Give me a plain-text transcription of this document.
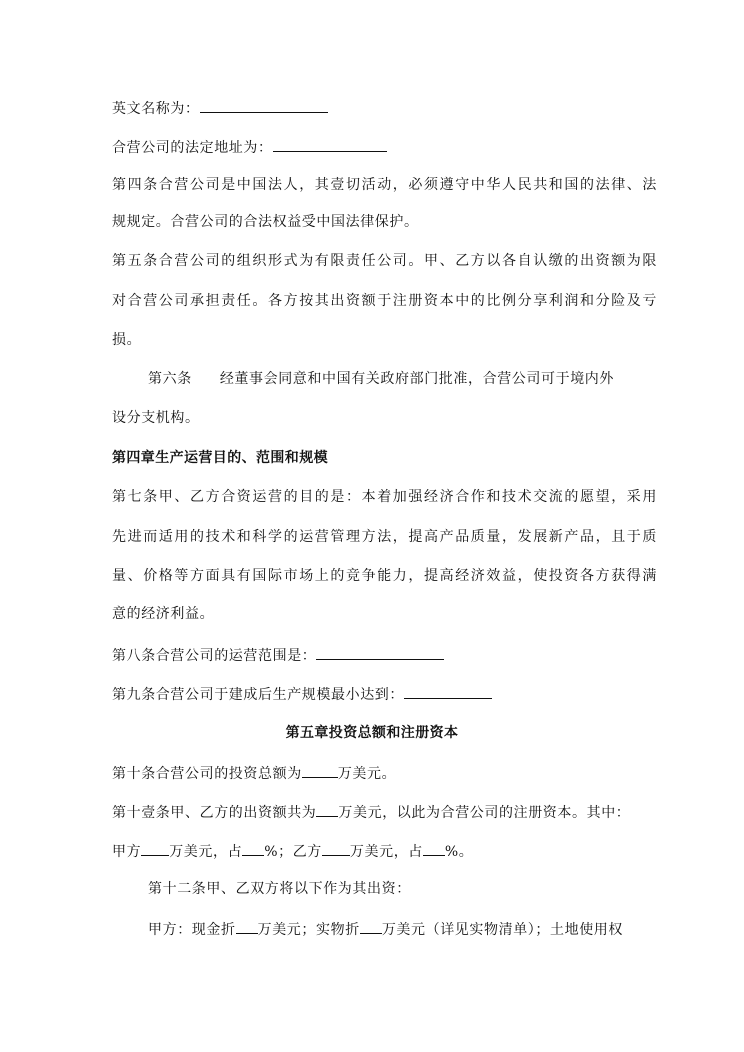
英文名称为：
合营公司的法定地址为：
第四条合营公司是中国法人，其壹切活动，必须遵守中华人民共和国的法律、法
规规定。合营公司的合法权益受中国法律保护。
第五条合营公司的组织形式为有限责任公司。甲、乙方以各自认缴的出资额为限
对合营公司承担责任。各方按其出资额于注册资本中的比例分享利润和分险及亏
损。
第六条 经董事会同意和中国有关政府部门批准，合营公司可于境内外
设分支机构。
第四章生产运营目的、范围和规模
第七条甲、乙方合资运营的目的是：本着加强经济合作和技术交流的愿望，采用
先进而适用的技术和科学的运营管理方法，提高产品质量，发展新产品，且于质
量、价格等方面具有国际市场上的竞争能力，提高经济效益，使投资各方获得满
意的经济利益。
第八条合营公司的运营范围是：
第九条合营公司于建成后生产规模最小达到：
第五章投资总额和注册资本
第十条合营公司的投资总额为	万美元。
第十壹条甲、乙方的出资额共为 万美元，以此为合营公司的注册资本。其中：
甲方 万美元，占 %；乙方 万美元，占 %。
第十二条甲、乙双方将以下作为其出资：
甲方：现金折 万美元；实物折 万美元（详见实物清单）；土地使用权
